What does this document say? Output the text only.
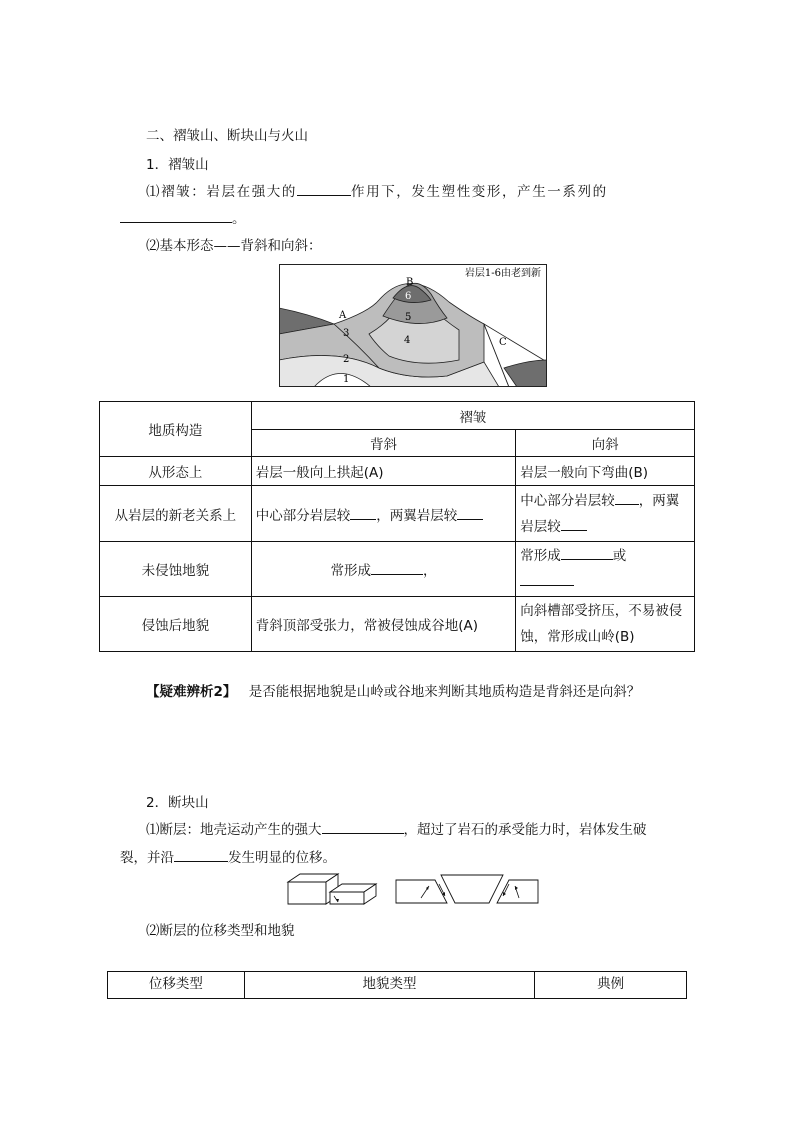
二、褶皱山、断块山与火山
1．褶皱山
⑴褶皱：岩层在强大的	作用下，发生塑性变形，产生一系列的
。
⑵基本形态——背斜和向斜：
岩层1-6由老到新
B
A
C
6
5
4
3
2
1
地质构造	褶皱	
	背斜	向斜
从形态上	岩层一般向上拱起(A)	岩层一般向下弯曲(B)
从岩层的新老关系上	中心部分岩层较 ，两翼岩层较	中心部分岩层较 ，两翼
岩层较
未侵蚀地貌	常形成 ，	常形成 或

侵蚀后地貌	背斜顶部受张力，常被侵蚀成谷地(A)	向斜槽部受挤压，不易被侵
蚀，常形成山岭(B)
【疑难辨析2】 是否能根据地貌是山岭或谷地来判断其地质构造是背斜还是向斜？
2．断块山
⑴断层：地壳运动产生的强大	，超过了岩石的承受能力时，岩体发生破
裂，并沿	发生明显的位移。
⑵断层的位移类型和地貌
位移类型	地貌类型	典例
